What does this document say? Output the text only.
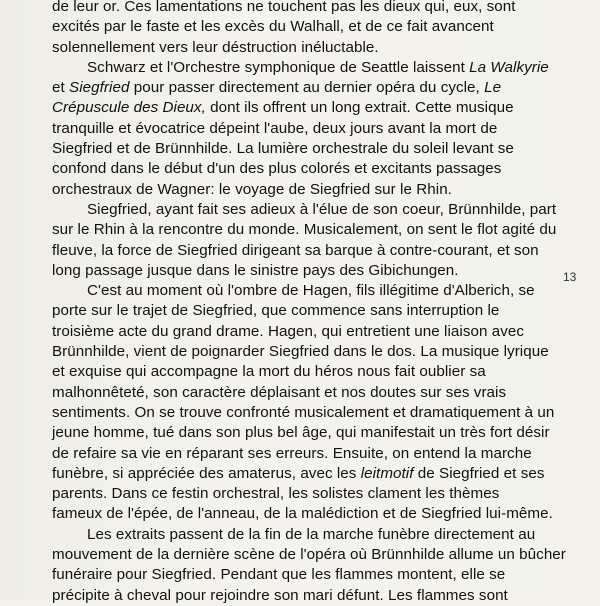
de leur or. Ces lamentations ne touchent pas les dieux qui, eux, sont
excités par le faste et les excès du Walhall, et de ce fait avancent
solennellement vers leur déstruction inéluctable.
Schwarz et l'Orchestre symphonique de Seattle laissent La Walkyrie
et Siegfried pour passer directement au dernier opéra du cycle, Le
Crépuscule des Dieux, dont ils offrent un long extrait. Cette musique
tranquille et évocatrice dépeint l'aube, deux jours avant la mort de
Siegfried et de Brünnhilde. La lumière orchestrale du soleil levant se
confond dans le début d'un des plus colorés et excitants passages
orchestraux de Wagner: le voyage de Siegfried sur le Rhin.
Siegfried, ayant fait ses adieux à l'élue de son coeur, Brünnhilde, part
sur le Rhin à la rencontre du monde. Musicalement, on sent le flot agité du
fleuve, la force de Siegfried dirigeant sa barque à contre-courant, et son
long passage jusque dans le sinistre pays des Gibichungen.
C'est au moment où l'ombre de Hagen, fils illégitime d'Alberich, se
porte sur le trajet de Siegfried, que commence sans interruption le
troisième acte du grand drame. Hagen, qui entretient une liaison avec
Brünnhilde, vient de poignarder Siegfried dans le dos. La musique lyrique
et exquise qui accompagne la mort du héros nous fait oublier sa
malhonnêteté, son caractère déplaisant et nos doutes sur ses vrais
sentiments. On se trouve confronté musicalement et dramatiquement à un
jeune homme, tué dans son plus bel âge, qui manifestait un très fort désir
de refaire sa vie en réparant ses erreurs. Ensuite, on entend la marche
funèbre, si appréciée des amaterus, avec les leitmotif de Siegfried et ses
parents. Dans ce festin orchestral, les solistes clament les thèmes
fameux de l'épée, de l'anneau, de la malédiction et de Siegfried lui-même.
Les extraits passent de la fin de la marche funèbre directement au
mouvement de la dernière scène de l'opéra où Brünnhilde allume un bûcher
funéraire pour Siegfried. Pendant que les flammes montent, elle se
précipite à cheval pour rejoindre son mari défunt. Les flammes sont
13
